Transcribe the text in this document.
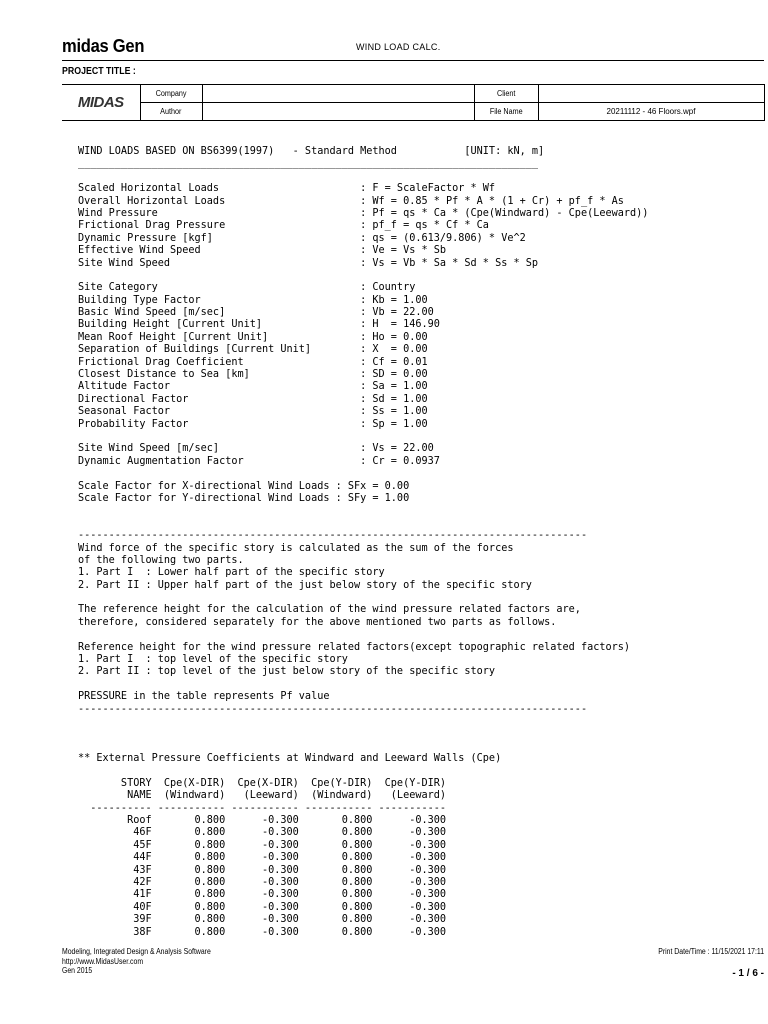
midas Gen	WIND LOAD CALC.
PROJECT TITLE :
MIDAS	Company		Client	
	Author		File Name	20211112 - 46 Floors.wpf
WIND LOADS BASED ON BS6399(1997)   - Standard Method           [UNIT: kN, m]
___________________________________________________________________________
Scaled Horizontal Loads                       : F = ScaleFactor * Wf
Overall Horizontal Loads                      : Wf = 0.85 * Pf * A * (1 + Cr) + pf_f * As
Wind Pressure                                 : Pf = qs * Ca * (Cpe(Windward) - Cpe(Leeward))
Frictional Drag Pressure                      : pf_f = qs * Cf * Ca
Dynamic Pressure [kgf]                        : qs = (0.613/9.806) * Ve^2
Effective Wind Speed                          : Ve = Vs * Sb
Site Wind Speed                               : Vs = Vb * Sa * Sd * Ss * Sp
Site Category                                 : Country
Building Type Factor                          : Kb = 1.00
Basic Wind Speed [m/sec]                      : Vb = 22.00
Building Height [Current Unit]                : H  = 146.90
Mean Roof Height [Current Unit]               : Ho = 0.00
Separation of Buildings [Current Unit]        : X  = 0.00
Frictional Drag Coefficient                   : Cf = 0.01
Closest Distance to Sea [km]                  : SD = 0.00
Altitude Factor                               : Sa = 1.00
Directional Factor                            : Sd = 1.00
Seasonal Factor                               : Ss = 1.00
Probability Factor                            : Sp = 1.00
Site Wind Speed [m/sec]                       : Vs = 22.00
Dynamic Augmentation Factor                   : Cr = 0.0937
Scale Factor for X-directional Wind Loads : SFx = 0.00
Scale Factor for Y-directional Wind Loads : SFy = 1.00
-----------------------------------------------------------------------------------
Wind force of the specific story is calculated as the sum of the forces
of the following two parts.
1. Part I  : Lower half part of the specific story
2. Part II : Upper half part of the just below story of the specific story
The reference height for the calculation of the wind pressure related factors are,
therefore, considered separately for the above mentioned two parts as follows.
Reference height for the wind pressure related factors(except topographic related factors)
1. Part I  : top level of the specific story
2. Part II : top level of the just below story of the specific story
PRESSURE in the table represents Pf value
-----------------------------------------------------------------------------------
** External Pressure Coefficients at Windward and Leeward Walls (Cpe)
STORY  Cpe(X-DIR)  Cpe(X-DIR)  Cpe(Y-DIR)  Cpe(Y-DIR)
NAME  (Windward)   (Leeward)  (Windward)   (Leeward)
---------- ----------- ----------- ----------- -----------
Roof       0.800      -0.300       0.800      -0.300
46F       0.800      -0.300       0.800      -0.300
45F       0.800      -0.300       0.800      -0.300
44F       0.800      -0.300       0.800      -0.300
43F       0.800      -0.300       0.800      -0.300
42F       0.800      -0.300       0.800      -0.300
41F       0.800      -0.300       0.800      -0.300
40F       0.800      -0.300       0.800      -0.300
39F       0.800      -0.300       0.800      -0.300
38F       0.800      -0.300       0.800      -0.300
Modeling, Integrated Design & Analysis Software
http://www.MidasUser.com
Gen 2015
Print Date/Time : 11/15/2021 17:11
- 1 / 6 -
